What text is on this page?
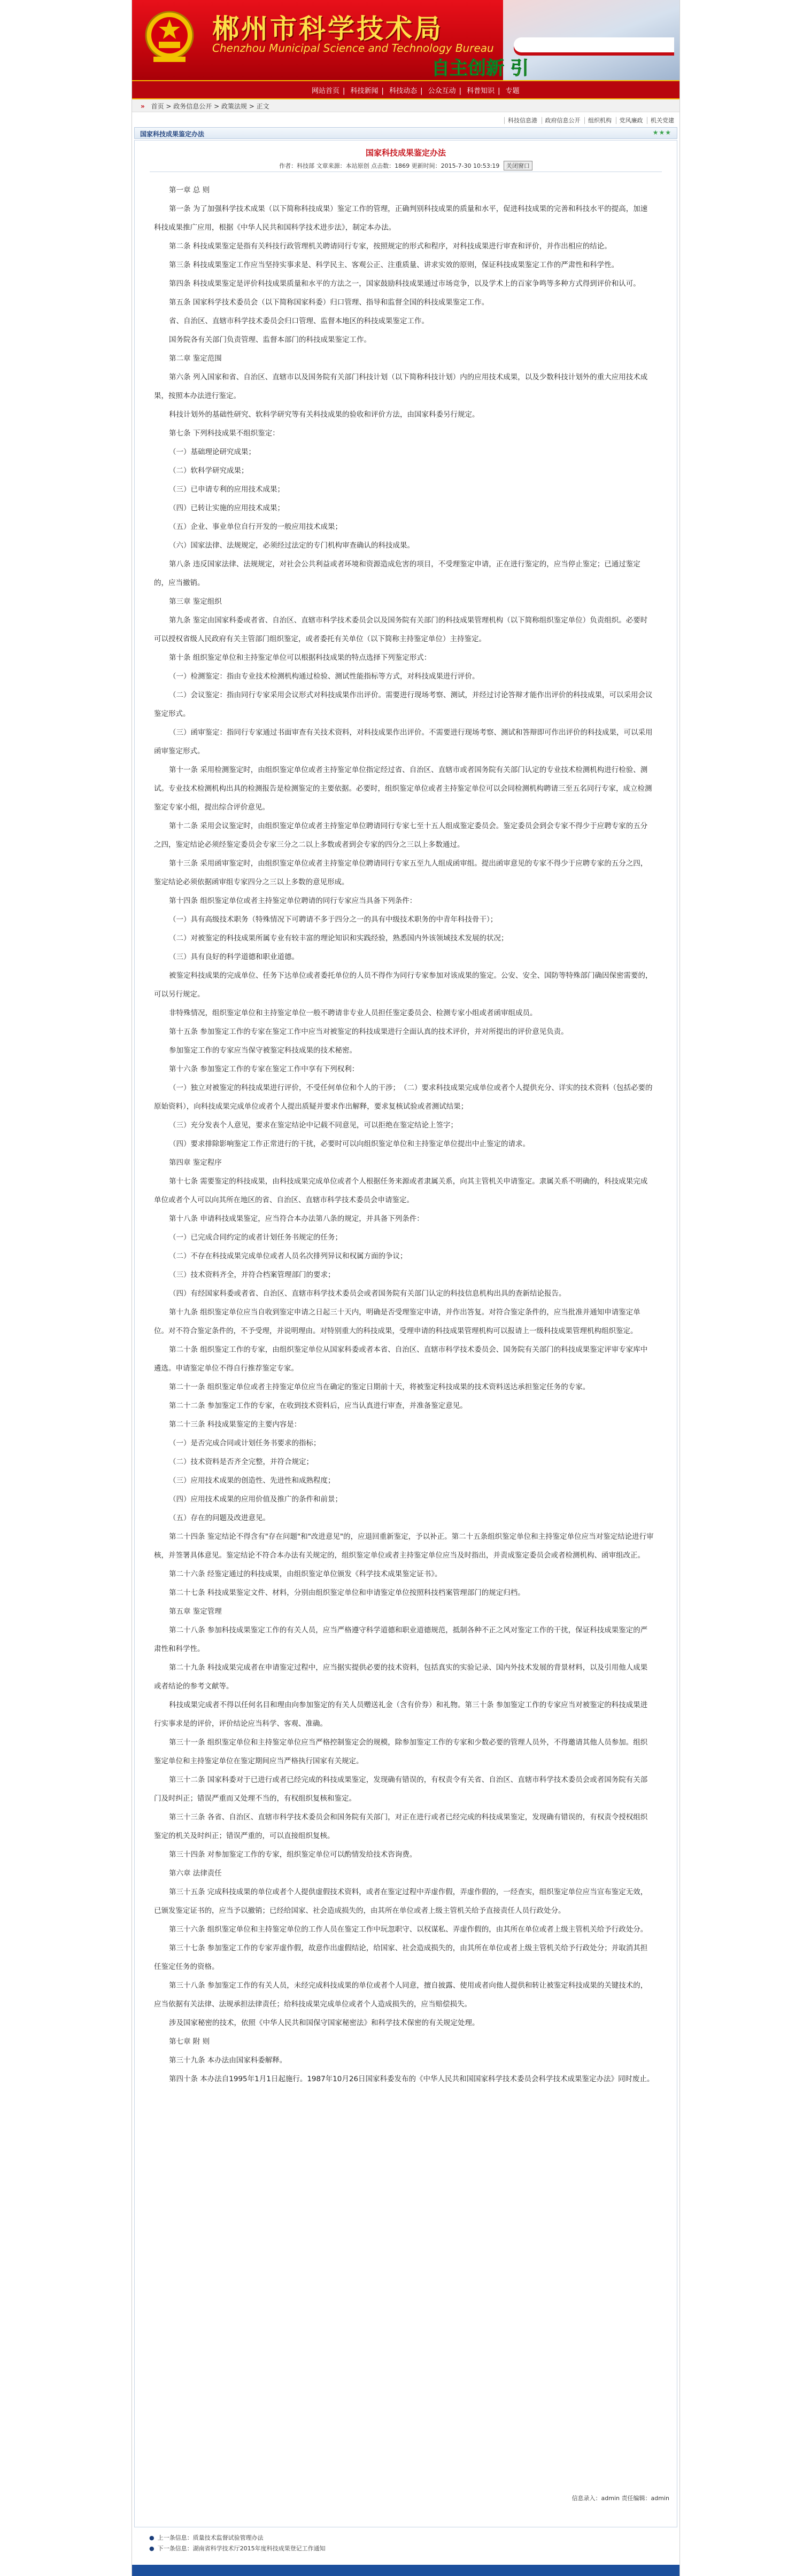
郴州市科学技术局
Chenzhou Municipal Science and Technology Bureau
自主创新 引
网站首页 | 科技新闻 | 科技动态 | 公众互动 | 科普知识 | 专题
» 首页 > 政务信息公开 > 政策法规 > 正文
科技信息港 政府信息公开 组织机构 党风廉政 机关党建
国家科技成果鉴定办法	★★★
国家科技成果鉴定办法
作者：科技部 文章来源：本站原创 点击数：1869 更新时间：2015-7-30 10:53:19 关闭窗口

第一章 总 则

第一条 为了加强科学技术成果（以下简称科技成果）鉴定工作的管理，正确判别科技成果的质量和水平，促进科技成果的完善和科技水平的提高，加速科技成果推广应用，根据《中华人民共和国科学技术进步法》，制定本办法。

第二条 科技成果鉴定是指有关科技行政管理机关聘请同行专家，按照规定的形式和程序，对科技成果进行审查和评价，并作出相应的结论。

第三条 科技成果鉴定工作应当坚持实事求是、科学民主、客观公正、注重质量、讲求实效的原则，保证科技成果鉴定工作的严肃性和科学性。

第四条 科技成果鉴定是评价科技成果质量和水平的方法之一，国家鼓励科技成果通过市场竞争，以及学术上的百家争鸣等多种方式得到评价和认可。

第五条 国家科学技术委员会（以下简称国家科委）归口管理、指导和监督全国的科技成果鉴定工作。

省、自治区、直辖市科学技术委员会归口管理、监督本地区的科技成果鉴定工作。

国务院各有关部门负责管理、监督本部门的科技成果鉴定工作。

第二章 鉴定范围

第六条 列入国家和省、自治区、直辖市以及国务院有关部门科技计划（以下简称科技计划）内的应用技术成果，以及少数科技计划外的重大应用技术成果，按照本办法进行鉴定。

科技计划外的基础性研究、软科学研究等有关科技成果的验收和评价方法，由国家科委另行规定。

第七条 下列科技成果不组织鉴定：

（一）基础理论研究成果；

（二）软科学研究成果；

（三）已申请专利的应用技术成果；

（四）已转让实施的应用技术成果；

（五）企业、事业单位自行开发的一般应用技术成果；

（六）国家法律、法规规定，必须经过法定的专门机构审查确认的科技成果。

第八条 违反国家法律、法规规定，对社会公共利益或者环境和资源造成危害的项目，不受理鉴定申请，正在进行鉴定的，应当停止鉴定；已通过鉴定的，应当撤销。

第三章 鉴定组织

第九条 鉴定由国家科委或者省、自治区、直辖市科学技术委员会以及国务院有关部门的科技成果管理机构（以下简称组织鉴定单位）负责组织。必要时可以授权省级人民政府有关主管部门组织鉴定，或者委托有关单位（以下简称主持鉴定单位）主持鉴定。

第十条 组织鉴定单位和主持鉴定单位可以根据科技成果的特点选择下列鉴定形式：

（一）检测鉴定：指由专业技术检测机构通过检验、测试性能指标等方式，对科技成果进行评价。

（二）会议鉴定：指由同行专家采用会议形式对科技成果作出评价。需要进行现场考察、测试，并经过讨论答辩才能作出评价的科技成果，可以采用会议鉴定形式。

（三）函审鉴定：指同行专家通过书面审查有关技术资料，对科技成果作出评价。不需要进行现场考察、测试和答辩即可作出评价的科技成果，可以采用函审鉴定形式。

第十一条 采用检测鉴定时，由组织鉴定单位或者主持鉴定单位指定经过省、自治区、直辖市或者国务院有关部门认定的专业技术检测机构进行检验、测试。专业技术检测机构出具的检测报告是检测鉴定的主要依据。必要时，组织鉴定单位或者主持鉴定单位可以会同检测机构聘请三至五名同行专家，成立检测鉴定专家小组，提出综合评价意见。

第十二条 采用会议鉴定时，由组织鉴定单位或者主持鉴定单位聘请同行专家七至十五人组成鉴定委员会。鉴定委员会到会专家不得少于应聘专家的五分之四，鉴定结论必须经鉴定委员会专家三分之二以上多数或者到会专家的四分之三以上多数通过。

第十三条 采用函审鉴定时，由组织鉴定单位或者主持鉴定单位聘请同行专家五至九人组成函审组。提出函审意见的专家不得少于应聘专家的五分之四，鉴定结论必须依据函审组专家四分之三以上多数的意见形成。

第十四条 组织鉴定单位或者主持鉴定单位聘请的同行专家应当具备下列条件：

（一）具有高级技术职务（特殊情况下可聘请不多于四分之一的具有中级技术职务的中青年科技骨干）；

（二）对被鉴定的科技成果所属专业有较丰富的理论知识和实践经验，熟悉国内外该领域技术发展的状况；

（三）具有良好的科学道德和职业道德。

被鉴定科技成果的完成单位、任务下达单位或者委托单位的人员不得作为同行专家参加对该成果的鉴定。公安、安全、国防等特殊部门确因保密需要的，可以另行规定。

非特殊情况，组织鉴定单位和主持鉴定单位一般不聘请非专业人员担任鉴定委员会、检测专家小组或者函审组成员。

第十五条 参加鉴定工作的专家在鉴定工作中应当对被鉴定的科技成果进行全面认真的技术评价，并对所提出的评价意见负责。

参加鉴定工作的专家应当保守被鉴定科技成果的技术秘密。

第十六条 参加鉴定工作的专家在鉴定工作中享有下列权利：

（一）独立对被鉴定的科技成果进行评价，不受任何单位和个人的干涉；　（二）要求科技成果完成单位或者个人提供充分、详实的技术资料（包括必要的原始资料），向科技成果完成单位或者个人提出质疑并要求作出解释，要求复核试验或者测试结果；

（三）充分发表个人意见，要求在鉴定结论中记载不同意见，可以拒绝在鉴定结论上签字；

（四）要求排除影响鉴定工作正常进行的干扰，必要时可以向组织鉴定单位和主持鉴定单位提出中止鉴定的请求。

第四章 鉴定程序

第十七条 需要鉴定的科技成果，由科技成果完成单位或者个人根据任务来源或者隶属关系，向其主管机关申请鉴定。隶属关系不明确的，科技成果完成单位或者个人可以向其所在地区的省、自治区、直辖市科学技术委员会申请鉴定。

第十八条 申请科技成果鉴定，应当符合本办法第八条的规定，并具备下列条件：

（一）已完成合同约定的或者计划任务书规定的任务；

（二）不存在科技成果完成单位或者人员名次排列异议和权属方面的争议；

（三）技术资料齐全，并符合档案管理部门的要求；

（四）有经国家科委或者省、自治区、直辖市科学技术委员会或者国务院有关部门认定的科技信息机构出具的查新结论报告。

第十九条 组织鉴定单位应当自收到鉴定申请之日起三十天内，明确是否受理鉴定申请，并作出答复。对符合鉴定条件的，应当批准并通知申请鉴定单位。对不符合鉴定条件的，不予受理，并说明理由。对特别重大的科技成果，受理申请的科技成果管理机构可以报请上一级科技成果管理机构组织鉴定。

第二十条 组织鉴定工作的专家，由组织鉴定单位从国家科委或者本省、自治区、直辖市科学技术委员会、国务院有关部门的科技成果鉴定评审专家库中遴选。申请鉴定单位不得自行推荐鉴定专家。

第二十一条 组织鉴定单位或者主持鉴定单位应当在确定的鉴定日期前十天，将被鉴定科技成果的技术资料送达承担鉴定任务的专家。

第二十二条 参加鉴定工作的专家，在收到技术资料后，应当认真进行审查，并准备鉴定意见。

第二十三条 科技成果鉴定的主要内容是：

（一）是否完成合同或计划任务书要求的指标；

（二）技术资料是否齐全完整，并符合规定；

（三）应用技术成果的创造性、先进性和成熟程度；

（四）应用技术成果的应用价值及推广的条件和前景；

（五）存在的问题及改进意见。

第二十四条 鉴定结论不得含有"存在问题"和"改进意见"的，应退回重新鉴定，予以补正。第二十五条组织鉴定单位和主持鉴定单位应当对鉴定结论进行审核，并签署具体意见。鉴定结论不符合本办法有关规定的，组织鉴定单位或者主持鉴定单位应当及时指出，并责成鉴定委员会或者检测机构、函审组改正。

第二十六条 经鉴定通过的科技成果，由组织鉴定单位颁发《科学技术成果鉴定证书》。

第二十七条 科技成果鉴定文件、材料，分别由组织鉴定单位和申请鉴定单位按照科技档案管理部门的规定归档。

第五章 鉴定管理

第二十八条 参加科技成果鉴定工作的有关人员，应当严格遵守科学道德和职业道德规范，抵制各种不正之风对鉴定工作的干扰，保证科技成果鉴定的严肃性和科学性。

第二十九条 科技成果完成者在申请鉴定过程中，应当据实提供必要的技术资料，包括真实的实验记录、国内外技术发展的背景材料，以及引用他人成果或者结论的参考文献等。

科技成果完成者不得以任何名目和理由向参加鉴定的有关人员赠送礼金（含有价券）和礼物。第三十条 参加鉴定工作的专家应当对被鉴定的科技成果进行实事求是的评价，评价结论应当科学、客观、准确。

第三十一条 组织鉴定单位和主持鉴定单位应当严格控制鉴定会的规模，除参加鉴定工作的专家和少数必要的管理人员外，不得邀请其他人员参加。组织鉴定单位和主持鉴定单位在鉴定期间应当严格执行国家有关规定。

第三十二条 国家科委对于已进行或者已经完成的科技成果鉴定，发现确有错误的，有权责令有关省、自治区、直辖市科学技术委员会或者国务院有关部门及时纠正；错误严重而又处理不当的，有权组织复核和鉴定。

第三十三条 各省、自治区、直辖市科学技术委员会和国务院有关部门，对正在进行或者已经完成的科技成果鉴定，发现确有错误的，有权责令授权组织鉴定的机关及时纠正；错误严重的，可以直接组织复核。

第三十四条 对参加鉴定工作的专家，组织鉴定单位可以酌情发给技术咨询费。

第六章 法律责任

第三十五条 完成科技成果的单位或者个人提供虚假技术资料，或者在鉴定过程中弄虚作假，弄虚作假的，一经查实，组织鉴定单位应当宣布鉴定无效，已颁发鉴定证书的，应当予以撤销；已经给国家、社会造成损失的，由其所在单位或者上级主管机关给予直接责任人员行政处分。

第三十六条 组织鉴定单位和主持鉴定单位的工作人员在鉴定工作中玩忽职守、以权谋私、弄虚作假的，由其所在单位或者上级主管机关给予行政处分。

第三十七条 参加鉴定工作的专家弄虚作假，故意作出虚假结论，给国家、社会造成损失的，由其所在单位或者上级主管机关给予行政处分；并取消其担任鉴定任务的资格。

第三十八条 参加鉴定工作的有关人员，未经完成科技成果的单位或者个人同意，擅自披露、使用或者向他人提供和转让被鉴定科技成果的关键技术的，应当依据有关法律、法规承担法律责任；给科技成果完成单位或者个人造成损失的，应当赔偿损失。

涉及国家秘密的技术，依照《中华人民共和国保守国家秘密法》和科学技术保密的有关规定处理。

第七章 附 则

第三十九条 本办法由国家科委解释。

第四十条 本办法自1995年1月1日起施行。1987年10月26日国家科委发布的《中华人民共和国国家科学技术委员会科学技术成果鉴定办法》同时废止。

信息录入：admin 责任编辑：admin
● 上一条信息：质量技术监督试验管理办法
● 下一条信息：湖南省科学技术厅2015年度科技成果登记工作通知
